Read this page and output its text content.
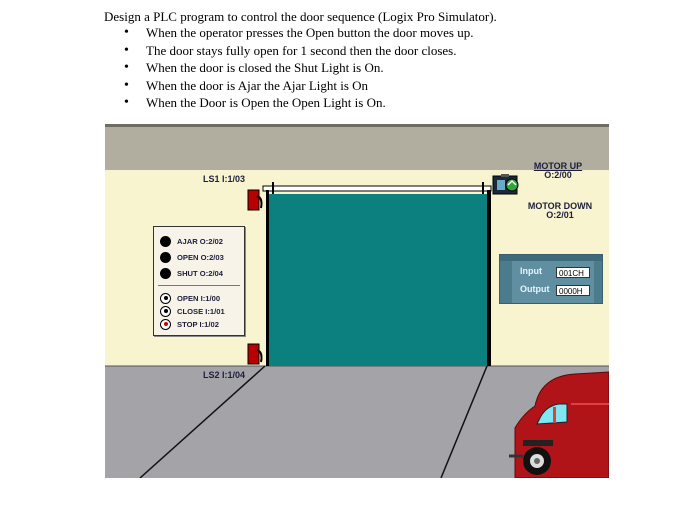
Design a PLC program to control the door sequence (Logix Pro Simulator).

• When the operator presses the Open button the door moves up.
• The door stays fully open for 1 second then the door closes.
• When the door is closed the Shut Light is On.
• When the door is Ajar the Ajar Light is On
• When the Door is Open the Open Light is On.
LS1 I:1/03
LS2 I:1/04
MOTOR UP
O:2/00
MOTOR DOWN
O:2/01
AJAR O:2/02
OPEN O:2/03
SHUT O:2/04
OPEN I:1/00
CLOSE I:1/01
STOP I:1/02
Input	001CH
Output	0000H
